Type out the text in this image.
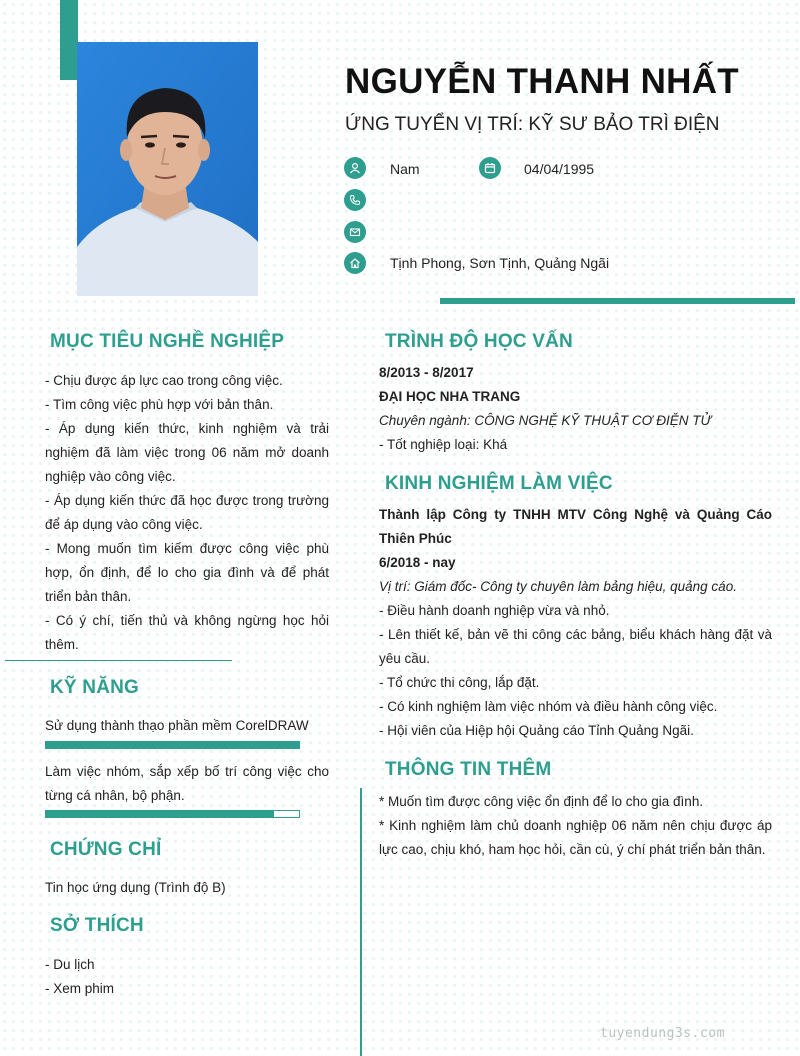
NGUYỄN THANH NHẤT
ỨNG TUYỂN VỊ TRÍ: KỸ SƯ BẢO TRÌ ĐIỆN
Nam	04/04/1995
Tịnh Phong, Sơn Tịnh, Quảng Ngãi
MỤC TIÊU NGHỀ NGHIỆP

- Chịu được áp lực cao trong công việc.

- Tìm công việc phù hợp với bản thân.

- Áp dụng kiến thức, kinh nghiệm và trải nghiệm đã làm việc trong 06 năm mở doanh nghiệp vào công việc.

- Áp dụng kiến thức đã học được trong trường để áp dụng vào công việc.

- Mong muốn tìm kiếm được công việc phù hợp, ổn định, để lo cho gia đình và để phát triển bản thân.

- Có ý chí, tiến thủ và không ngừng học hỏi thêm.

KỸ NĂNG
Sử dụng thành thạo phần mềm CorelDRAW
Làm việc nhóm, sắp xếp bố trí công việc cho từng cá nhân, bộ phận.
CHỨNG CHỈ
Tin học ứng dụng (Trình độ B)
SỞ THÍCH

- Du lịch

- Xem phim

TRÌNH ĐỘ HỌC VẤN

8/2013 - 8/2017

ĐẠI HỌC NHA TRANG

Chuyên ngành: CÔNG NGHỆ KỸ THUẬT CƠ ĐIỆN TỬ

- Tốt nghiệp loại: Khá

KINH NGHIỆM LÀM VIỆC

Thành lập Công ty TNHH MTV Công Nghệ và Quảng Cáo Thiên Phúc

6/2018 - nay

Vị trí: Giám đốc- Công ty chuyên làm bảng hiệu, quảng cáo.

- Điều hành doanh nghiệp vừa và nhỏ.

- Lên thiết kế, bản vẽ thi công các bảng, biểu khách hàng đặt và yêu cầu.

- Tổ chức thi công, lắp đặt.

- Có kinh nghiệm làm việc nhóm và điều hành công việc.

- Hội viên của Hiệp hội Quảng cáo Tỉnh Quảng Ngãi.

THÔNG TIN THÊM

* Muốn tìm được công việc ổn định để lo cho gia đình.

* Kinh nghiệm làm chủ doanh nghiệp 06 năm nên chịu được áp lực cao, chịu khó, ham học hỏi, cần cù, ý chí phát triển bản thân.

tuyendung3s.com
